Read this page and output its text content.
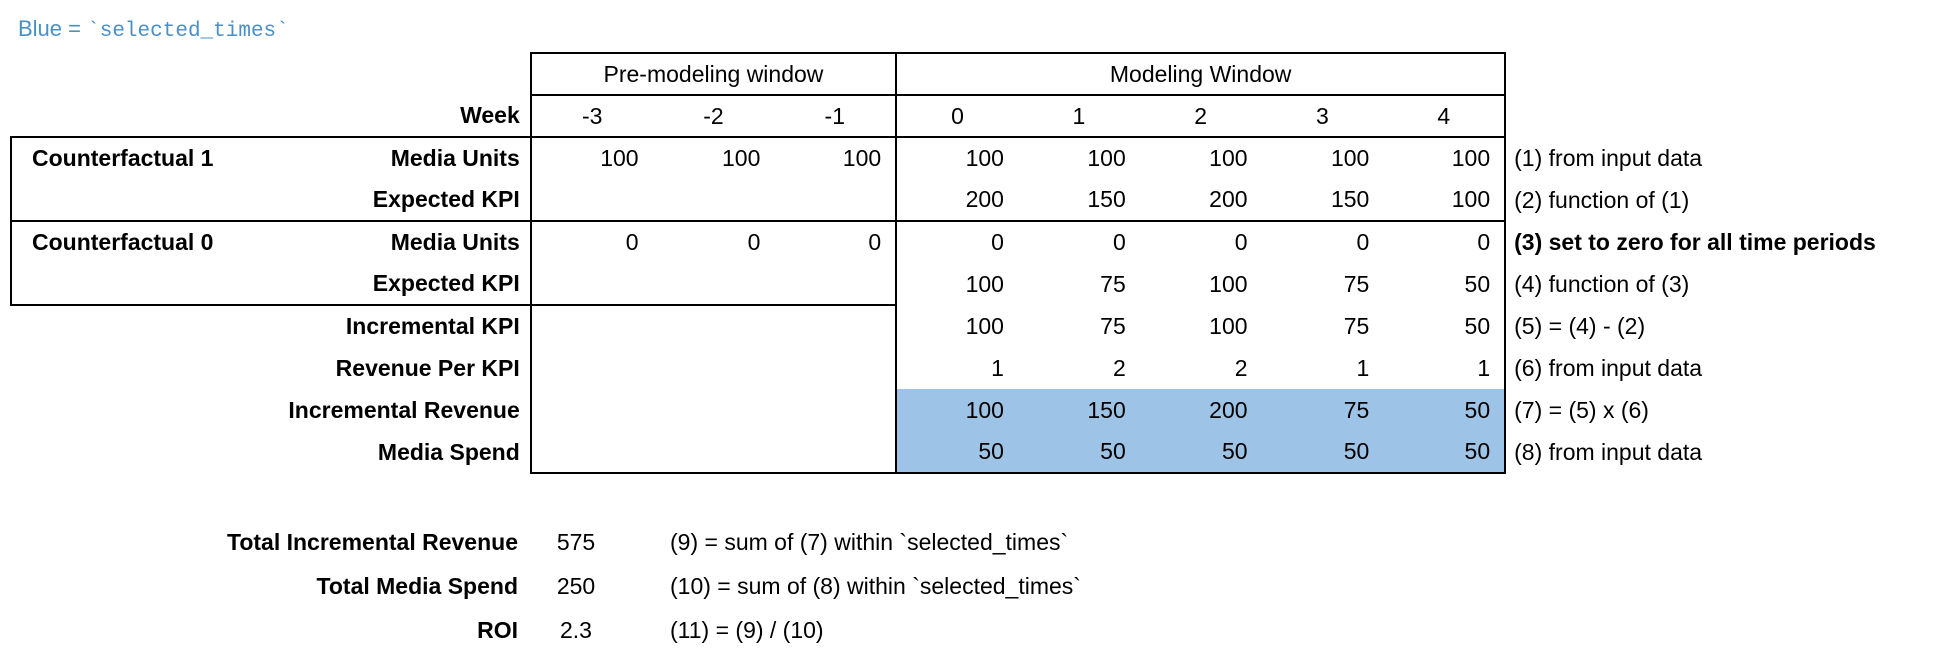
Blue = `selected_times`
		Pre-modeling window			Modeling Window					
	Week	-3	-2	-1	0	1	2	3	4	
Counterfactual 1	Media Units	100	100	100	100	100	100	100	100	(1) from input data
	Expected KPI				200	150	200	150	100	(2) function of (1)
Counterfactual 0	Media Units	0	0	0	0	0	0	0	0	(3) set to zero for all time periods
	Expected KPI				100	75	100	75	50	(4) function of (3)
	Incremental KPI				100	75	100	75	50	(5) = (4) - (2)
	Revenue Per KPI				1	2	2	1	1	(6) from input data
	Incremental Revenue				100	150	200	75	50	(7) = (5) x (6)
	Media Spend				50	50	50	50	50	(8) from input data
Total Incremental Revenue	575	(9) = sum of (7) within `selected_times`
Total Media Spend	250	(10) = sum of (8) within `selected_times`
ROI	2.3	(11) = (9) / (10)
